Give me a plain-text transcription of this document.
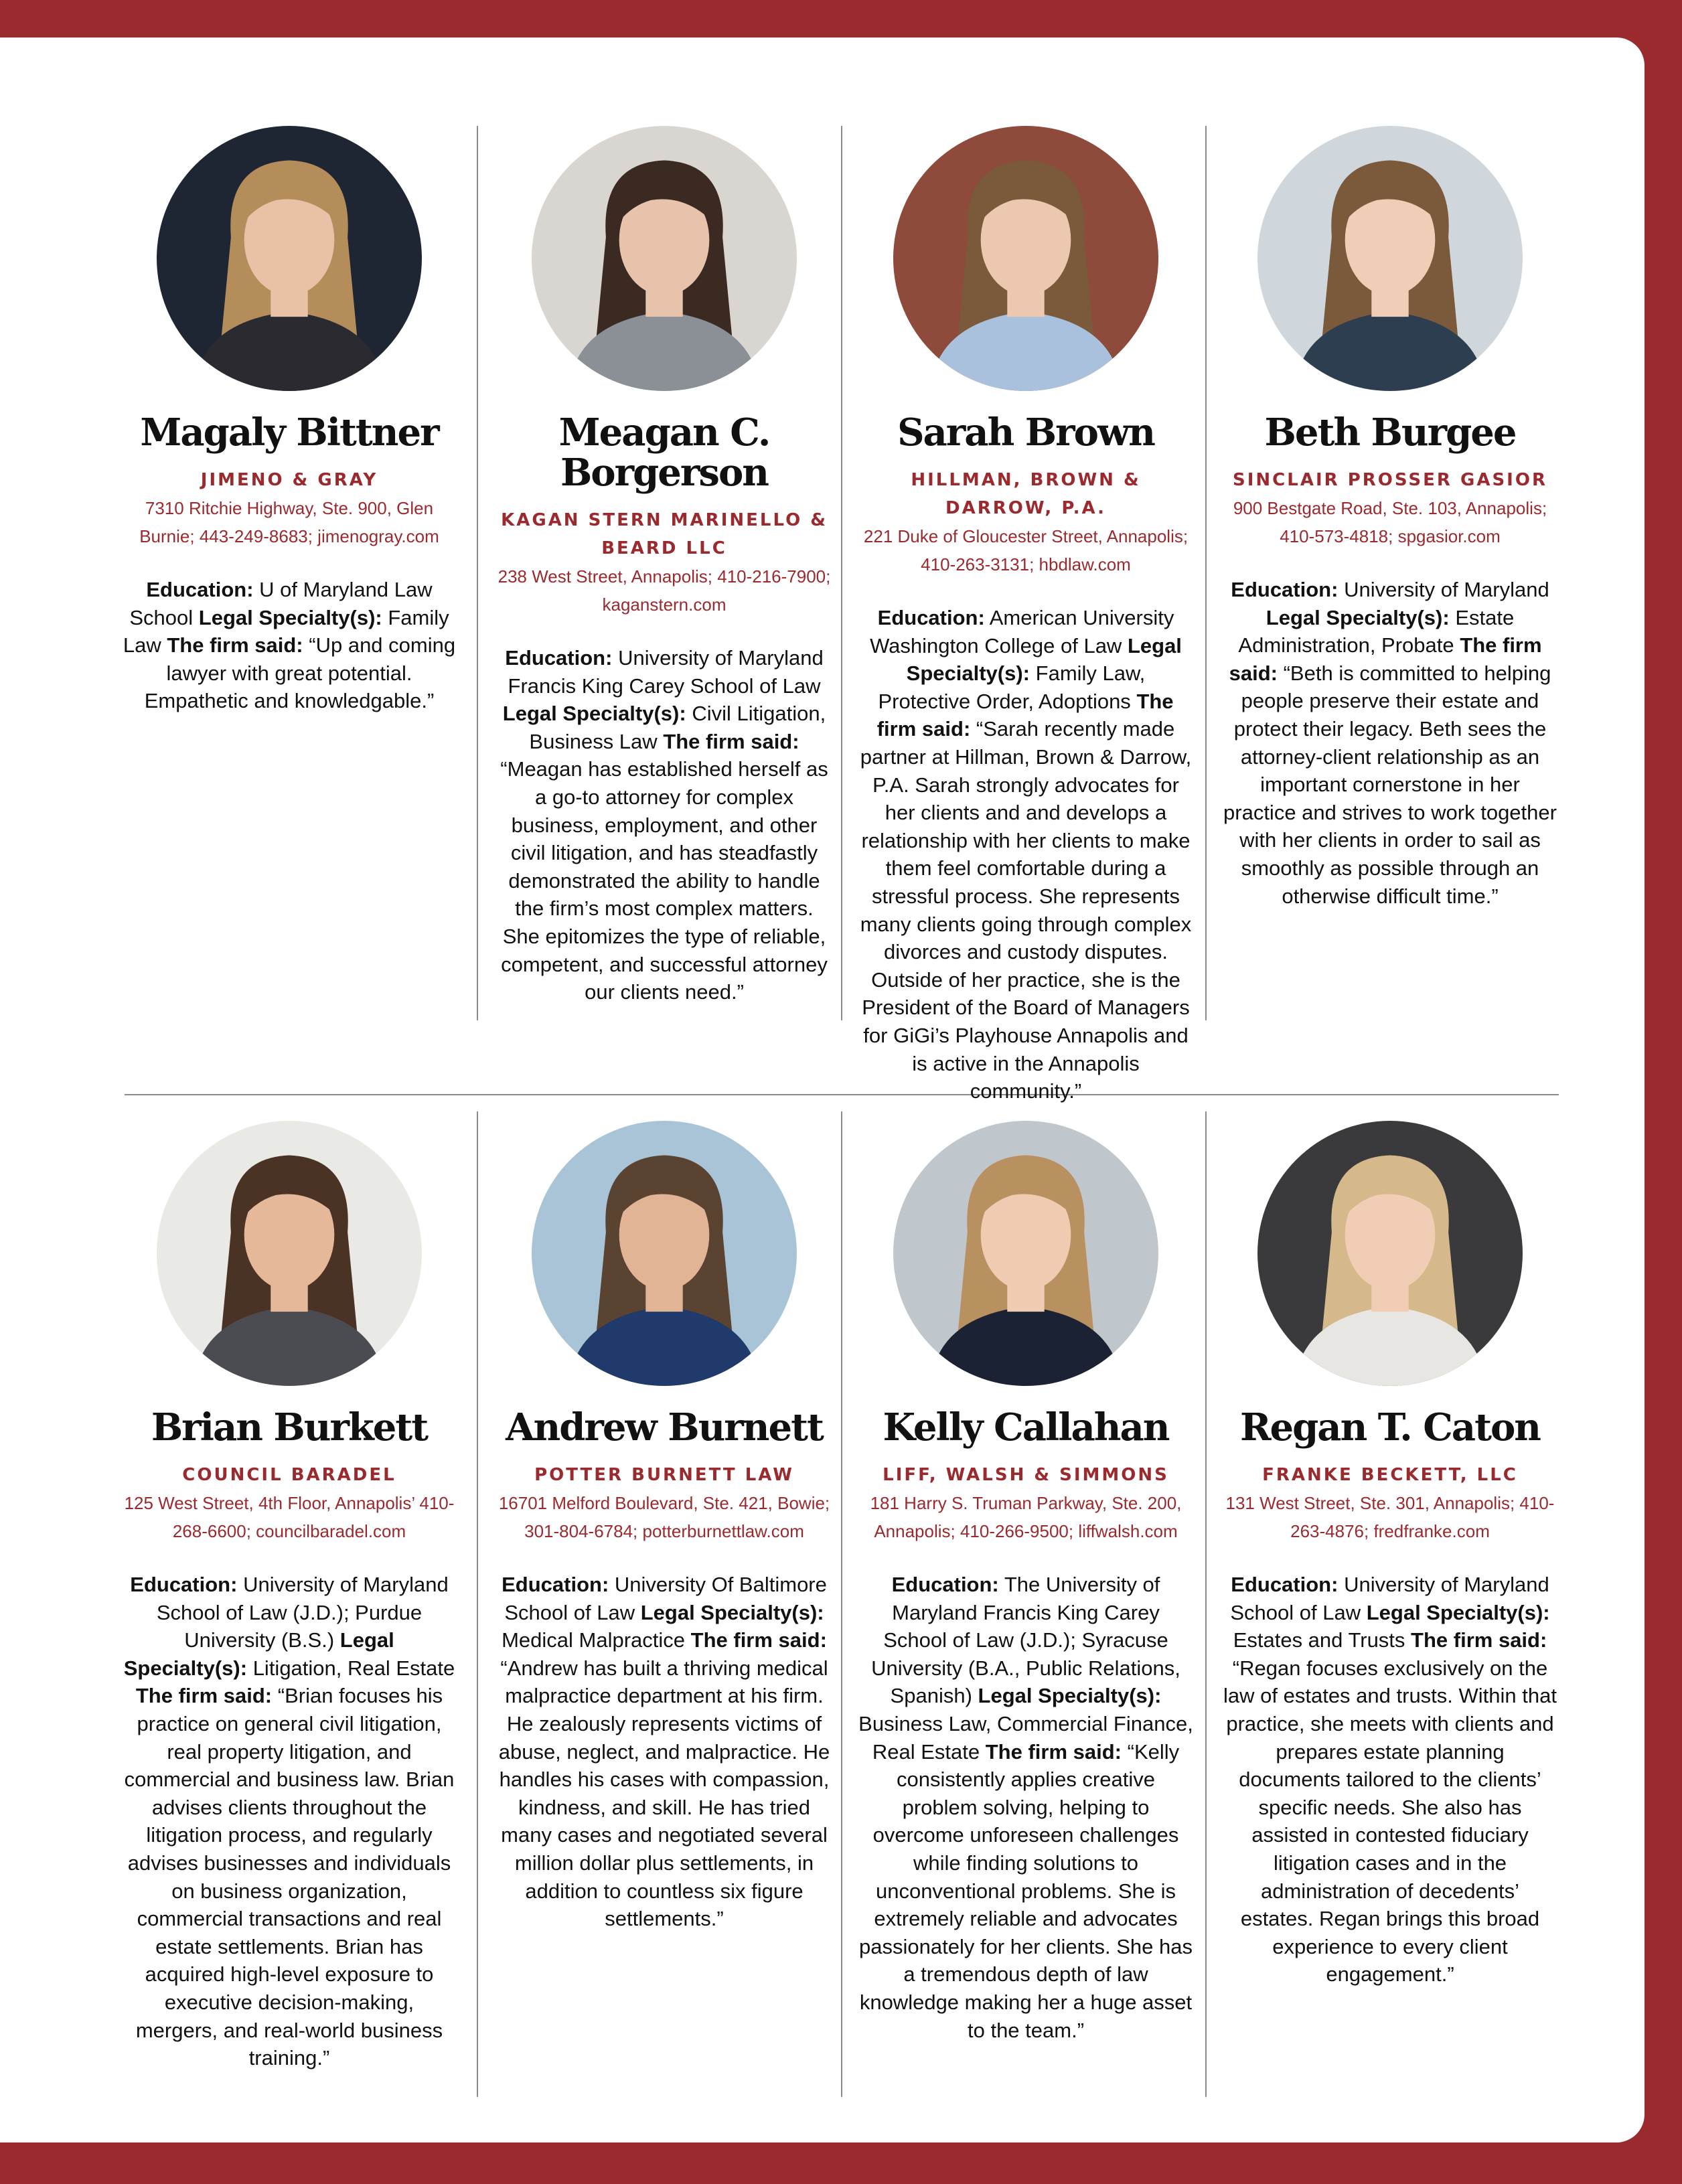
Magaly Bittner
JIMENO & GRAY
7310 Ritchie Highway, Ste. 900, Glen Burnie; 443-249-8683; jimenogray.com
Education: U of Maryland Law School Legal Specialty(s): Family Law The firm said: “Up and coming lawyer with great potential. Empathetic and knowledgable.”
Meagan C. Borgerson
KAGAN STERN MARINELLO & BEARD LLC
238 West Street, Annapolis; 410-216-7900; kaganstern.com
Education: University of Maryland Francis King Carey School of Law Legal Specialty(s): Civil Litigation, Business Law The firm said: “Meagan has established herself as a go-to attorney for complex business, employment, and other civil litigation, and has steadfastly demonstrated the ability to handle the firm’s most complex matters. She epitomizes the type of reliable, competent, and successful attorney our clients need.”
Sarah Brown
HILLMAN, BROWN & DARROW, P.A.
221 Duke of Gloucester Street, Annapolis; 410-263-3131; hbdlaw.com
Education: American University Washington College of Law Legal Specialty(s): Family Law, Protective Order, Adoptions The firm said: “Sarah recently made partner at Hillman, Brown & Darrow, P.A. Sarah strongly advocates for her clients and and develops a relationship with her clients to make them feel comfortable during a stressful process. She represents many clients going through complex divorces and custody disputes. Outside of her practice, she is the President of the Board of Managers for GiGi’s Playhouse Annapolis and is active in the Annapolis community.”
Beth Burgee
SINCLAIR PROSSER GASIOR
900 Bestgate Road, Ste. 103, Annapolis; 410-573-4818; spgasior.com
Education: University of Maryland Legal Specialty(s): Estate Administration, Probate The firm said: “Beth is committed to helping people preserve their estate and protect their legacy. Beth sees the attorney-client relationship as an important cornerstone in her practice and strives to work together with her clients in order to sail as smoothly as possible through an otherwise difficult time.”
Brian Burkett
COUNCIL BARADEL
125 West Street, 4th Floor, Annapolis’ 410-268-6600; councilbaradel.com
Education: University of Maryland School of Law (J.D.); Purdue University (B.S.) Legal Specialty(s): Litigation, Real Estate The firm said: “Brian focuses his practice on general civil litigation, real property litigation, and commercial and business law. Brian advises clients throughout the litigation process, and regularly advises businesses and individuals on business organization, commercial transactions and real estate settlements. Brian has acquired high-level exposure to executive decision-making, mergers, and real-world business training.”
Andrew Burnett
POTTER BURNETT LAW
16701 Melford Boulevard, Ste. 421, Bowie; 301-804-6784; potterburnettlaw.com
Education: University Of Baltimore School of Law Legal Specialty(s): Medical Malpractice The firm said: “Andrew has built a thriving medical malpractice department at his firm. He zealously represents victims of abuse, neglect, and malpractice. He handles his cases with compassion, kindness, and skill. He has tried many cases and negotiated several million dollar plus settlements, in addition to countless six figure settlements.”
Kelly Callahan
LIFF, WALSH & SIMMONS
181 Harry S. Truman Parkway, Ste. 200, Annapolis; 410-266-9500; liffwalsh.com
Education: The University of Maryland Francis King Carey School of Law (J.D.); Syracuse University (B.A., Public Relations, Spanish) Legal Specialty(s): Business Law, Commercial Finance, Real Estate The firm said: “Kelly consistently applies creative problem solving, helping to overcome unforeseen challenges while finding solutions to unconventional problems. She is extremely reliable and advocates passionately for her clients. She has a tremendous depth of law knowledge making her a huge asset to the team.”
Regan T. Caton
FRANKE BECKETT, LLC
131 West Street, Ste. 301, Annapolis; 410-263-4876; fredfranke.com
Education: University of Maryland School of Law Legal Specialty(s): Estates and Trusts The firm said: “Regan focuses exclusively on the law of estates and trusts. Within that practice, she meets with clients and prepares estate planning documents tailored to the clients’ specific needs. She also has assisted in contested fiduciary litigation cases and in the administration of decedents’ estates. Regan brings this broad experience to every client engagement.”
